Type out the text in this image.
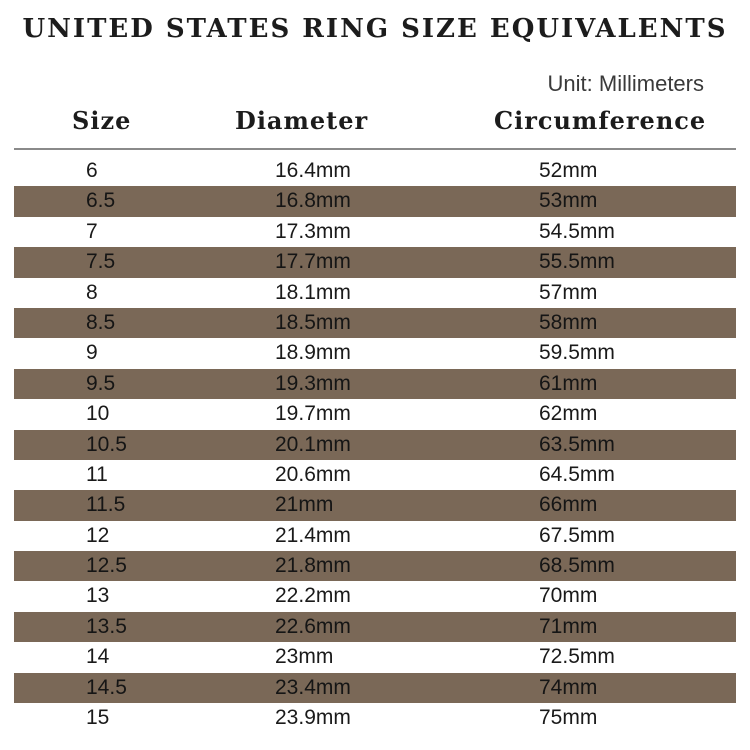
UNITED STATES RING SIZE EQUIVALENTS
Unit: Millimeters
Size	Diameter	Circumference
6	16.4mm	52mm
6.5	16.8mm	53mm
7	17.3mm	54.5mm
7.5	17.7mm	55.5mm
8	18.1mm	57mm
8.5	18.5mm	58mm
9	18.9mm	59.5mm
9.5	19.3mm	61mm
10	19.7mm	62mm
10.5	20.1mm	63.5mm
11	20.6mm	64.5mm
11.5	21mm	66mm
12	21.4mm	67.5mm
12.5	21.8mm	68.5mm
13	22.2mm	70mm
13.5	22.6mm	71mm
14	23mm	72.5mm
14.5	23.4mm	74mm
15	23.9mm	75mm
